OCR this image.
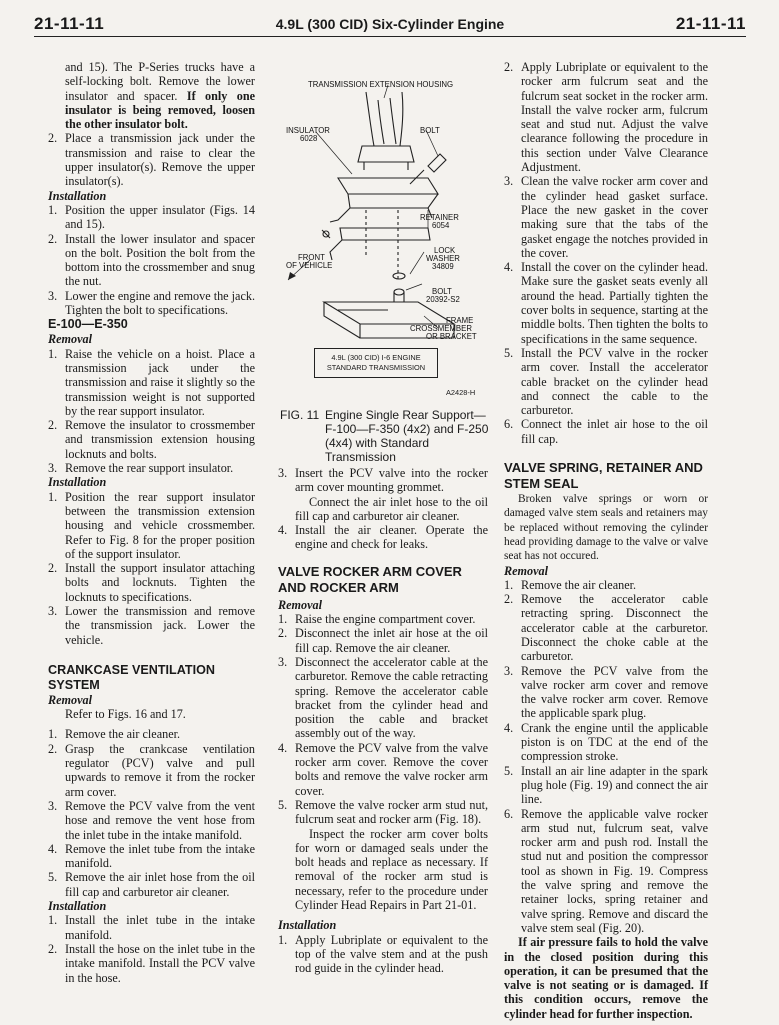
21-11-11	4.9L (300 CID) Six-Cylinder Engine	21-11-11

and 15). The P-Series trucks have a self-locking bolt. Remove the lower insulator and spacer. If only one insulator is being removed, loosen the other insulator bolt.

2. Place a transmission jack under the transmission and raise to clear the upper insulator(s). Remove the upper insulator(s).

Installation

1. Position the upper insulator (Figs. 14 and 15).

2. Install the lower insulator and spacer on the bolt. Position the bolt from the bottom into the crossmember and snug the nut.

3. Lower the engine and remove the jack. Tighten the bolt to specifications.

E-100—E-350

Removal

1. Raise the vehicle on a hoist. Place a transmission jack under the transmission and raise it slightly so the transmission weight is not supported by the rear support insulator.

2. Remove the insulator to crossmember and transmission extension housing locknuts and bolts.

3. Remove the rear support insulator.

Installation

1. Position the rear support insulator between the transmission extension housing and vehicle crossmember. Refer to Fig. 8 for the proper position of the support insulator.

2. Install the support insulator attaching bolts and locknuts. Tighten the locknuts to specifications.

3. Lower the transmission and remove the transmission jack. Lower the vehicle.

CRANKCASE VENTILATION SYSTEM

Removal

Refer to Figs. 16 and 17.

1. Remove the air cleaner.

2. Grasp the crankcase ventilation regulator (PCV) valve and pull upwards to remove it from the rocker arm cover.

3. Remove the PCV valve from the vent hose and remove the vent hose from the inlet tube in the intake manifold.

4. Remove the inlet tube from the intake manifold.

5. Remove the air inlet hose from the oil fill cap and carburetor air cleaner.

Installation

1. Install the inlet tube in the intake manifold.

2. Install the hose on the inlet tube in the intake manifold. Install the PCV valve in the hose.

TRANSMISSION EXTENSION HOUSING
INSULATOR
6028
BOLT
RETAINER
6054
FRONT
OF VEHICLE
LOCK
WASHER
34809
BOLT
20392-S2
FRAME
CROSSMEMBER
OR BRACKET
4.9L (300 CID) I-6 ENGINE
STANDARD TRANSMISSION
A2428-H
FIG. 11 Engine Single Rear Support—F-100—F-350 (4x2) and F-250 (4x4) with Standard Transmission

3. Insert the PCV valve into the rocker arm cover mounting grommet.

Connect the air inlet hose to the oil fill cap and carburetor air cleaner.

4. Install the air cleaner. Operate the engine and check for leaks.

VALVE ROCKER ARM COVER AND ROCKER ARM

Removal

1. Raise the engine compartment cover.

2. Disconnect the inlet air hose at the oil fill cap. Remove the air cleaner.

3. Disconnect the accelerator cable at the carburetor. Remove the cable retracting spring. Remove the accelerator cable bracket from the cylinder head and position the cable and bracket assembly out of the way.

4. Remove the PCV valve from the valve rocker arm cover. Remove the cover bolts and remove the valve rocker arm cover.

5. Remove the valve rocker arm stud nut, fulcrum seat and rocker arm (Fig. 18).

Inspect the rocker arm cover bolts for worn or damaged seals under the bolt heads and replace as necessary. If removal of the rocker arm stud is necessary, refer to the procedure under Cylinder Head Repairs in Part 21-01.

Installation

1. Apply Lubriplate or equivalent to the top of the valve stem and at the push rod guide in the cylinder head.

2. Apply Lubriplate or equivalent to the rocker arm fulcrum seat and the fulcrum seat socket in the rocker arm. Install the valve rocker arm, fulcrum seat and stud nut. Adjust the valve clearance following the procedure in this section under Valve Clearance Adjustment.

3. Clean the valve rocker arm cover and the cylinder head gasket surface. Place the new gasket in the cover making sure that the tabs of the gasket engage the notches provided in the cover.

4. Install the cover on the cylinder head. Make sure the gasket seats evenly all around the head. Partially tighten the cover bolts in sequence, starting at the middle bolts. Then tighten the bolts to specifications in the same sequence.

5. Install the PCV valve in the rocker arm cover. Install the accelerator cable bracket on the cylinder head and connect the cable to the carburetor.

6. Connect the inlet air hose to the oil fill cap.

VALVE SPRING, RETAINER AND STEM SEAL

Broken valve springs or worn or damaged valve stem seals and retainers may be replaced without removing the cylinder head providing damage to the valve or valve seat has not occured.

Removal

1. Remove the air cleaner.

2. Remove the accelerator cable retracting spring. Disconnect the accelerator cable at the carburetor. Disconnect the choke cable at the carburetor.

3. Remove the PCV valve from the valve rocker arm cover and remove the valve rocker arm cover. Remove the applicable spark plug.

4. Crank the engine until the applicable piston is on TDC at the end of the compression stroke.

5. Install an air line adapter in the spark plug hole (Fig. 19) and connect the air line.

6. Remove the applicable valve rocker arm stud nut, fulcrum seat, valve rocker arm and push rod. Install the stud nut and position the compressor tool as shown in Fig. 19. Compress the valve spring and remove the retainer locks, spring retainer and valve spring. Remove and discard the valve stem seal (Fig. 20).

If air pressure fails to hold the valve in the closed position during this operation, it can be presumed that the valve is not seating or is damaged. If this condition occurs, remove the cylinder head for further inspection.
